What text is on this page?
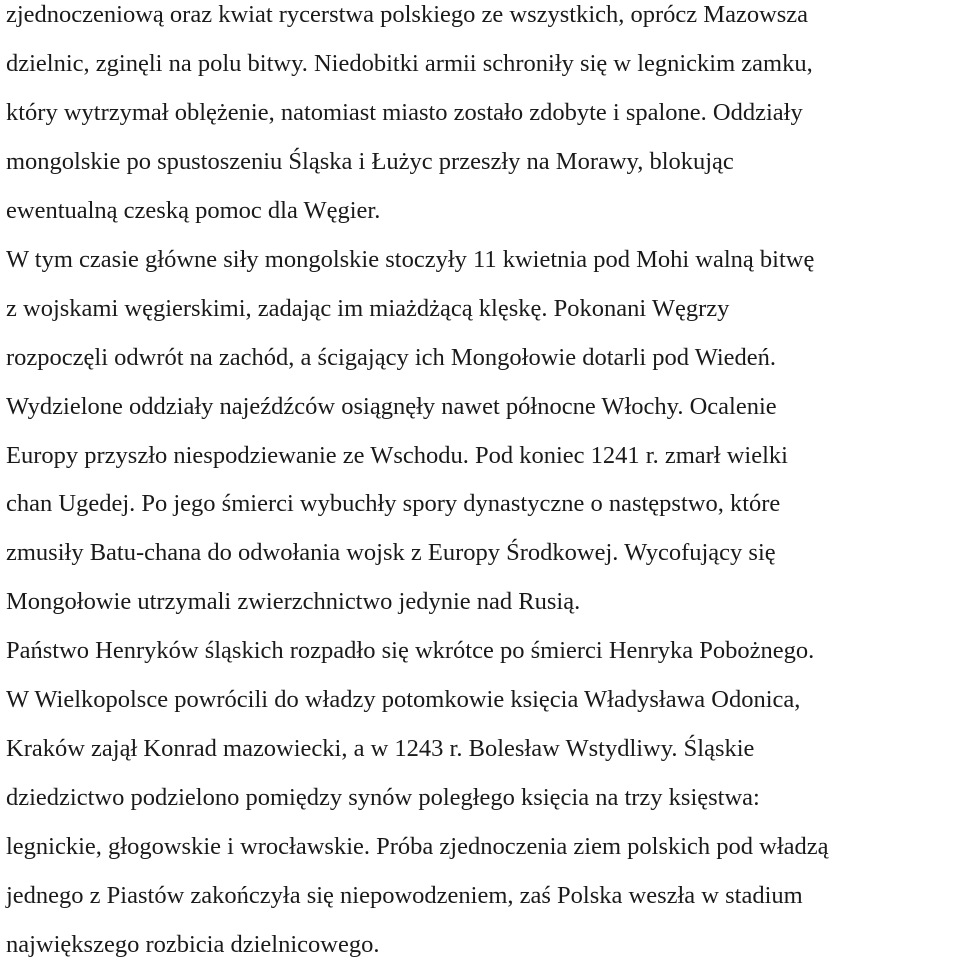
zjednoczeniową oraz kwiat rycerstwa polskiego ze wszystkich, oprócz Mazowsza
dzielnic, zginęli na polu bitwy. Niedobitki armii schroniły się w legnickim zamku,
który wytrzymał oblężenie, natomiast miasto zostało zdobyte i spalone. Oddziały
mongolskie po spustoszeniu Śląska i Łużyc przeszły na Morawy, blokując
ewentualną czeską pomoc dla Węgier.
W tym czasie główne siły mongolskie stoczyły 11 kwietnia pod Mohi walną bitwę
z wojskami węgierskimi, zadając im miażdżącą klęskę. Pokonani Węgrzy
rozpoczęli odwrót na zachód, a ścigający ich Mongołowie dotarli pod Wiedeń.
Wydzielone oddziały najeźdźców osiągnęły nawet północne Włochy. Ocalenie
Europy przyszło niespodziewanie ze Wschodu. Pod koniec 1241 r. zmarł wielki
chan Ugedej. Po jego śmierci wybuchły spory dynastyczne o następstwo, które
zmusiły Batu-chana do odwołania wojsk z Europy Środkowej. Wycofujący się
Mongołowie utrzymali zwierzchnictwo jedynie nad Rusią.
Państwo Henryków śląskich rozpadło się wkrótce po śmierci Henryka Pobożnego.
W Wielkopolsce powrócili do władzy potomkowie księcia Władysława Odonica,
Kraków zajął Konrad mazowiecki, a w 1243 r. Bolesław Wstydliwy. Śląskie
dziedzictwo podzielono pomiędzy synów poległego księcia na trzy księstwa:
legnickie, głogowskie i wrocławskie. Próba zjednoczenia ziem polskich pod władzą
jednego z Piastów zakończyła się niepowodzeniem, zaś Polska weszła w stadium
największego rozbicia dzielnicowego.
